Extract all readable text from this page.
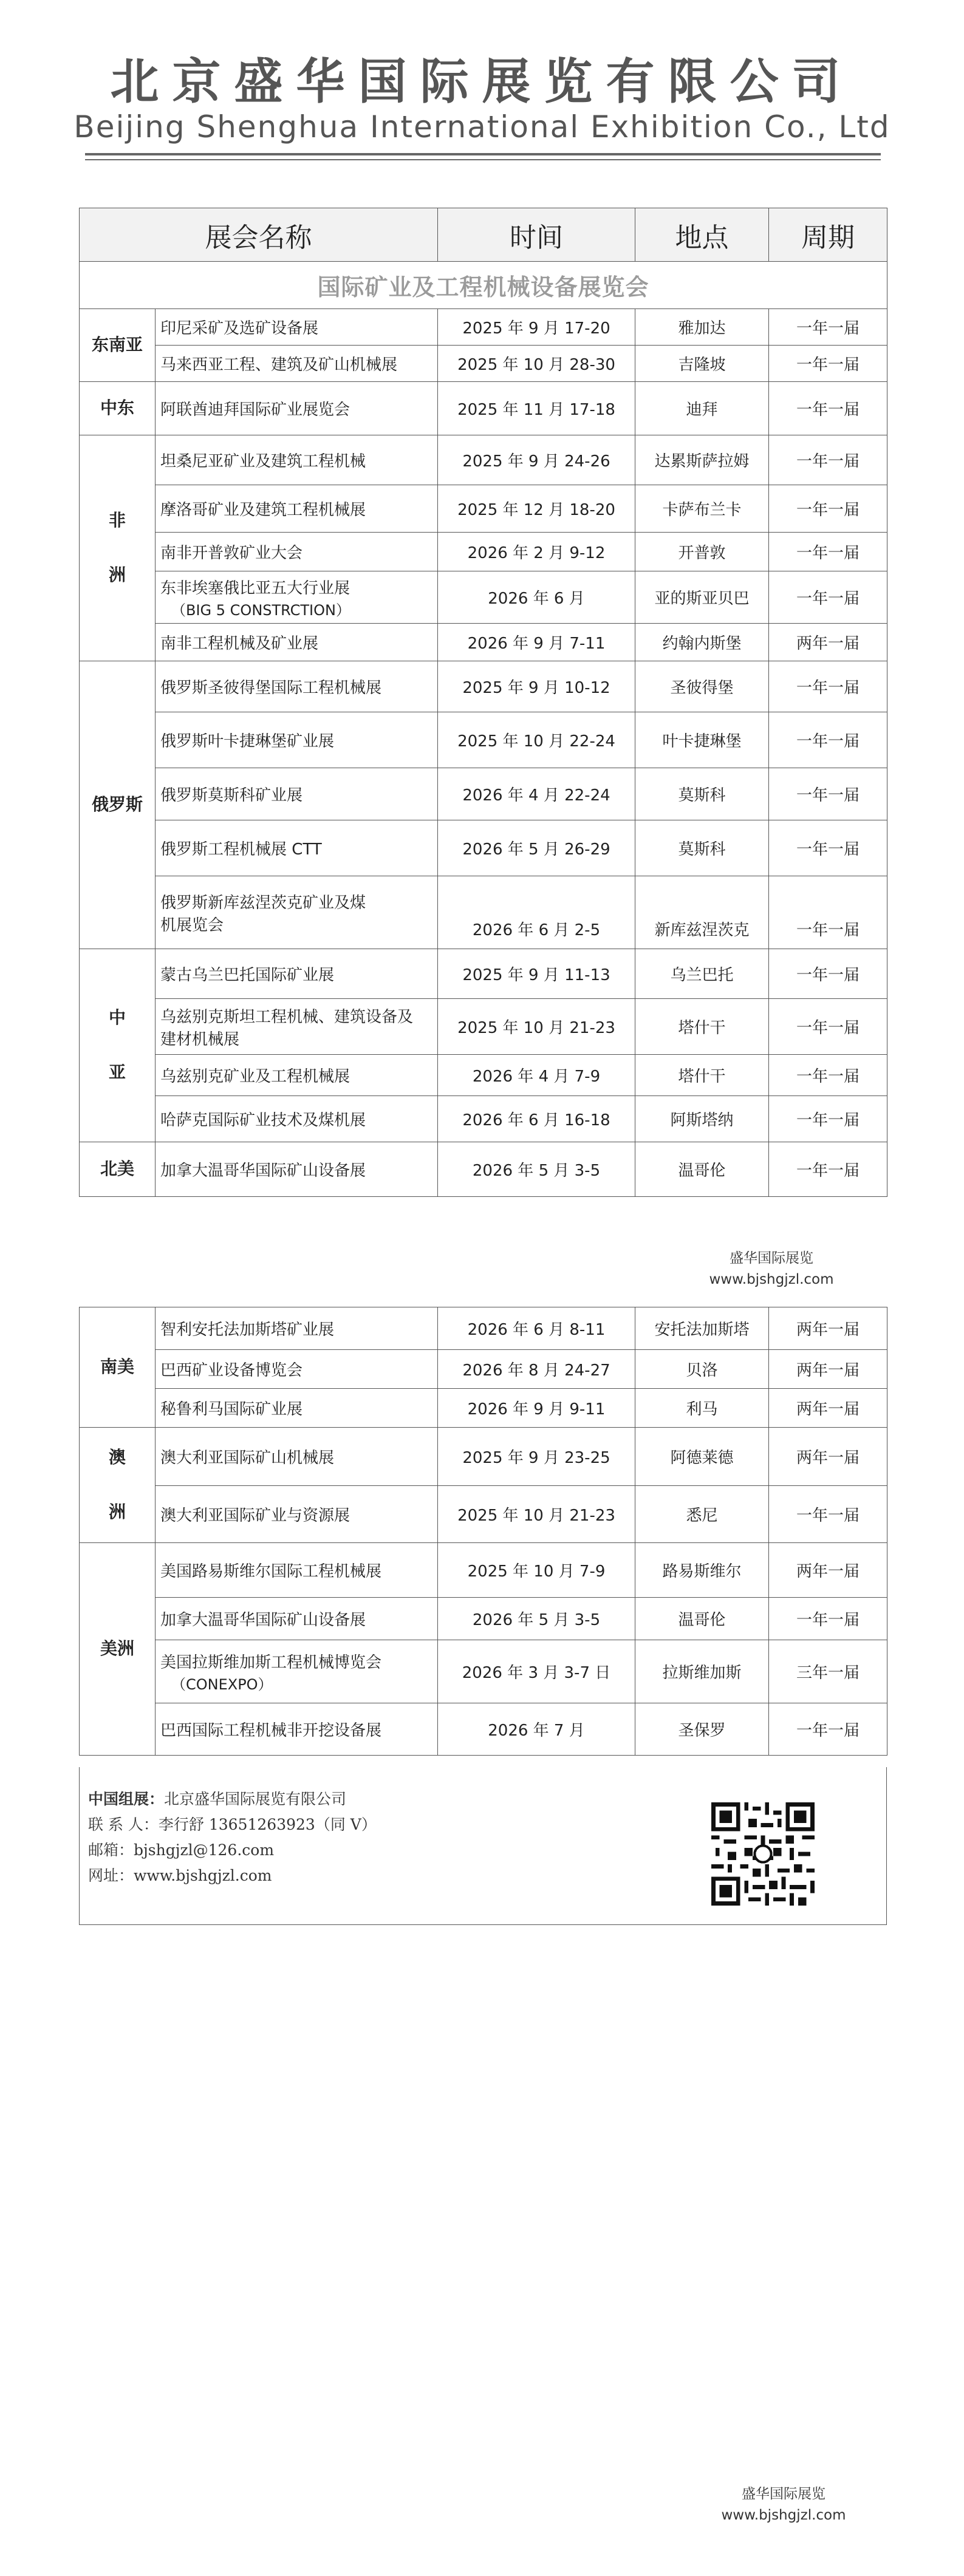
北京盛华国际展览有限公司
Beijing Shenghua International Exhibition Co., Ltd
展会名称		时间	地点	周期
国际矿业及工程机械设备展览会				
东南亚	印尼采矿及选矿设备展	2025 年 9 月 17-20	雅加达	一年一届
	马来西亚工程、建筑及矿山机械展	2025 年 10 月 28-30	吉隆坡	一年一届
中东	阿联酋迪拜国际矿业展览会	2025 年 11 月 17-18	迪拜	一年一届
非

洲	坦桑尼亚矿业及建筑工程机械	2025 年 9 月 24-26	达累斯萨拉姆	一年一届
	摩洛哥矿业及建筑工程机械展	2025 年 12 月 18-20	卡萨布兰卡	一年一届
	南非开普敦矿业大会	2026 年 2 月 9-12	开普敦	一年一届
	东非埃塞俄比亚五大行业展
（BIG 5 CONSTRCTION）	2026 年 6 月	亚的斯亚贝巴	一年一届
	南非工程机械及矿业展	2026 年 9 月 7-11	约翰内斯堡	两年一届
俄罗斯	俄罗斯圣彼得堡国际工程机械展	2025 年 9 月 10-12	圣彼得堡	一年一届
	俄罗斯叶卡捷琳堡矿业展	2025 年 10 月 22-24	叶卡捷琳堡	一年一届
	俄罗斯莫斯科矿业展	2026 年 4 月 22-24	莫斯科	一年一届
	俄罗斯工程机械展 CTT	2026 年 5 月 26-29	莫斯科	一年一届
	俄罗斯新库兹涅茨克矿业及煤
机展览会	2026 年 6 月 2-5	新库兹涅茨克	一年一届
中

亚	蒙古乌兰巴托国际矿业展	2025 年 9 月 11-13	乌兰巴托	一年一届
	乌兹别克斯坦工程机械、建筑设备及
建材机械展	2025 年 10 月 21-23	塔什干	一年一届
	乌兹别克矿业及工程机械展	2026 年 4 月 7-9	塔什干	一年一届
	哈萨克国际矿业技术及煤机展	2026 年 6 月 16-18	阿斯塔纳	一年一届
北美	加拿大温哥华国际矿山设备展	2026 年 5 月 3-5	温哥伦	一年一届
盛华国际展览
www.bjshgjzl.com
南美	智利安托法加斯塔矿业展	2026 年 6 月 8-11	安托法加斯塔	两年一届
	巴西矿业设备博览会	2026 年 8 月 24-27	贝洛	两年一届
	秘鲁利马国际矿业展	2026 年 9 月 9-11	利马	两年一届
澳

洲	澳大利亚国际矿山机械展	2025 年 9 月 23-25	阿德莱德	两年一届
	澳大利亚国际矿业与资源展	2025 年 10 月 21-23	悉尼	一年一届
美洲	美国路易斯维尔国际工程机械展	2025 年 10 月 7-9	路易斯维尔	两年一届
	加拿大温哥华国际矿山设备展	2026 年 5 月 3-5	温哥伦	一年一届
	美国拉斯维加斯工程机械博览会
（CONEXPO）	2026 年 3 月 3-7 日	拉斯维加斯	三年一届
	巴西国际工程机械非开挖设备展	2026 年 7 月	圣保罗	一年一届
中国组展：北京盛华国际展览有限公司
联 系 人：李行舒 13651263923（同 V）
邮箱：bjshgjzl@126.com
网址：www.bjshgjzl.com
盛华国际展览
www.bjshgjzl.com
